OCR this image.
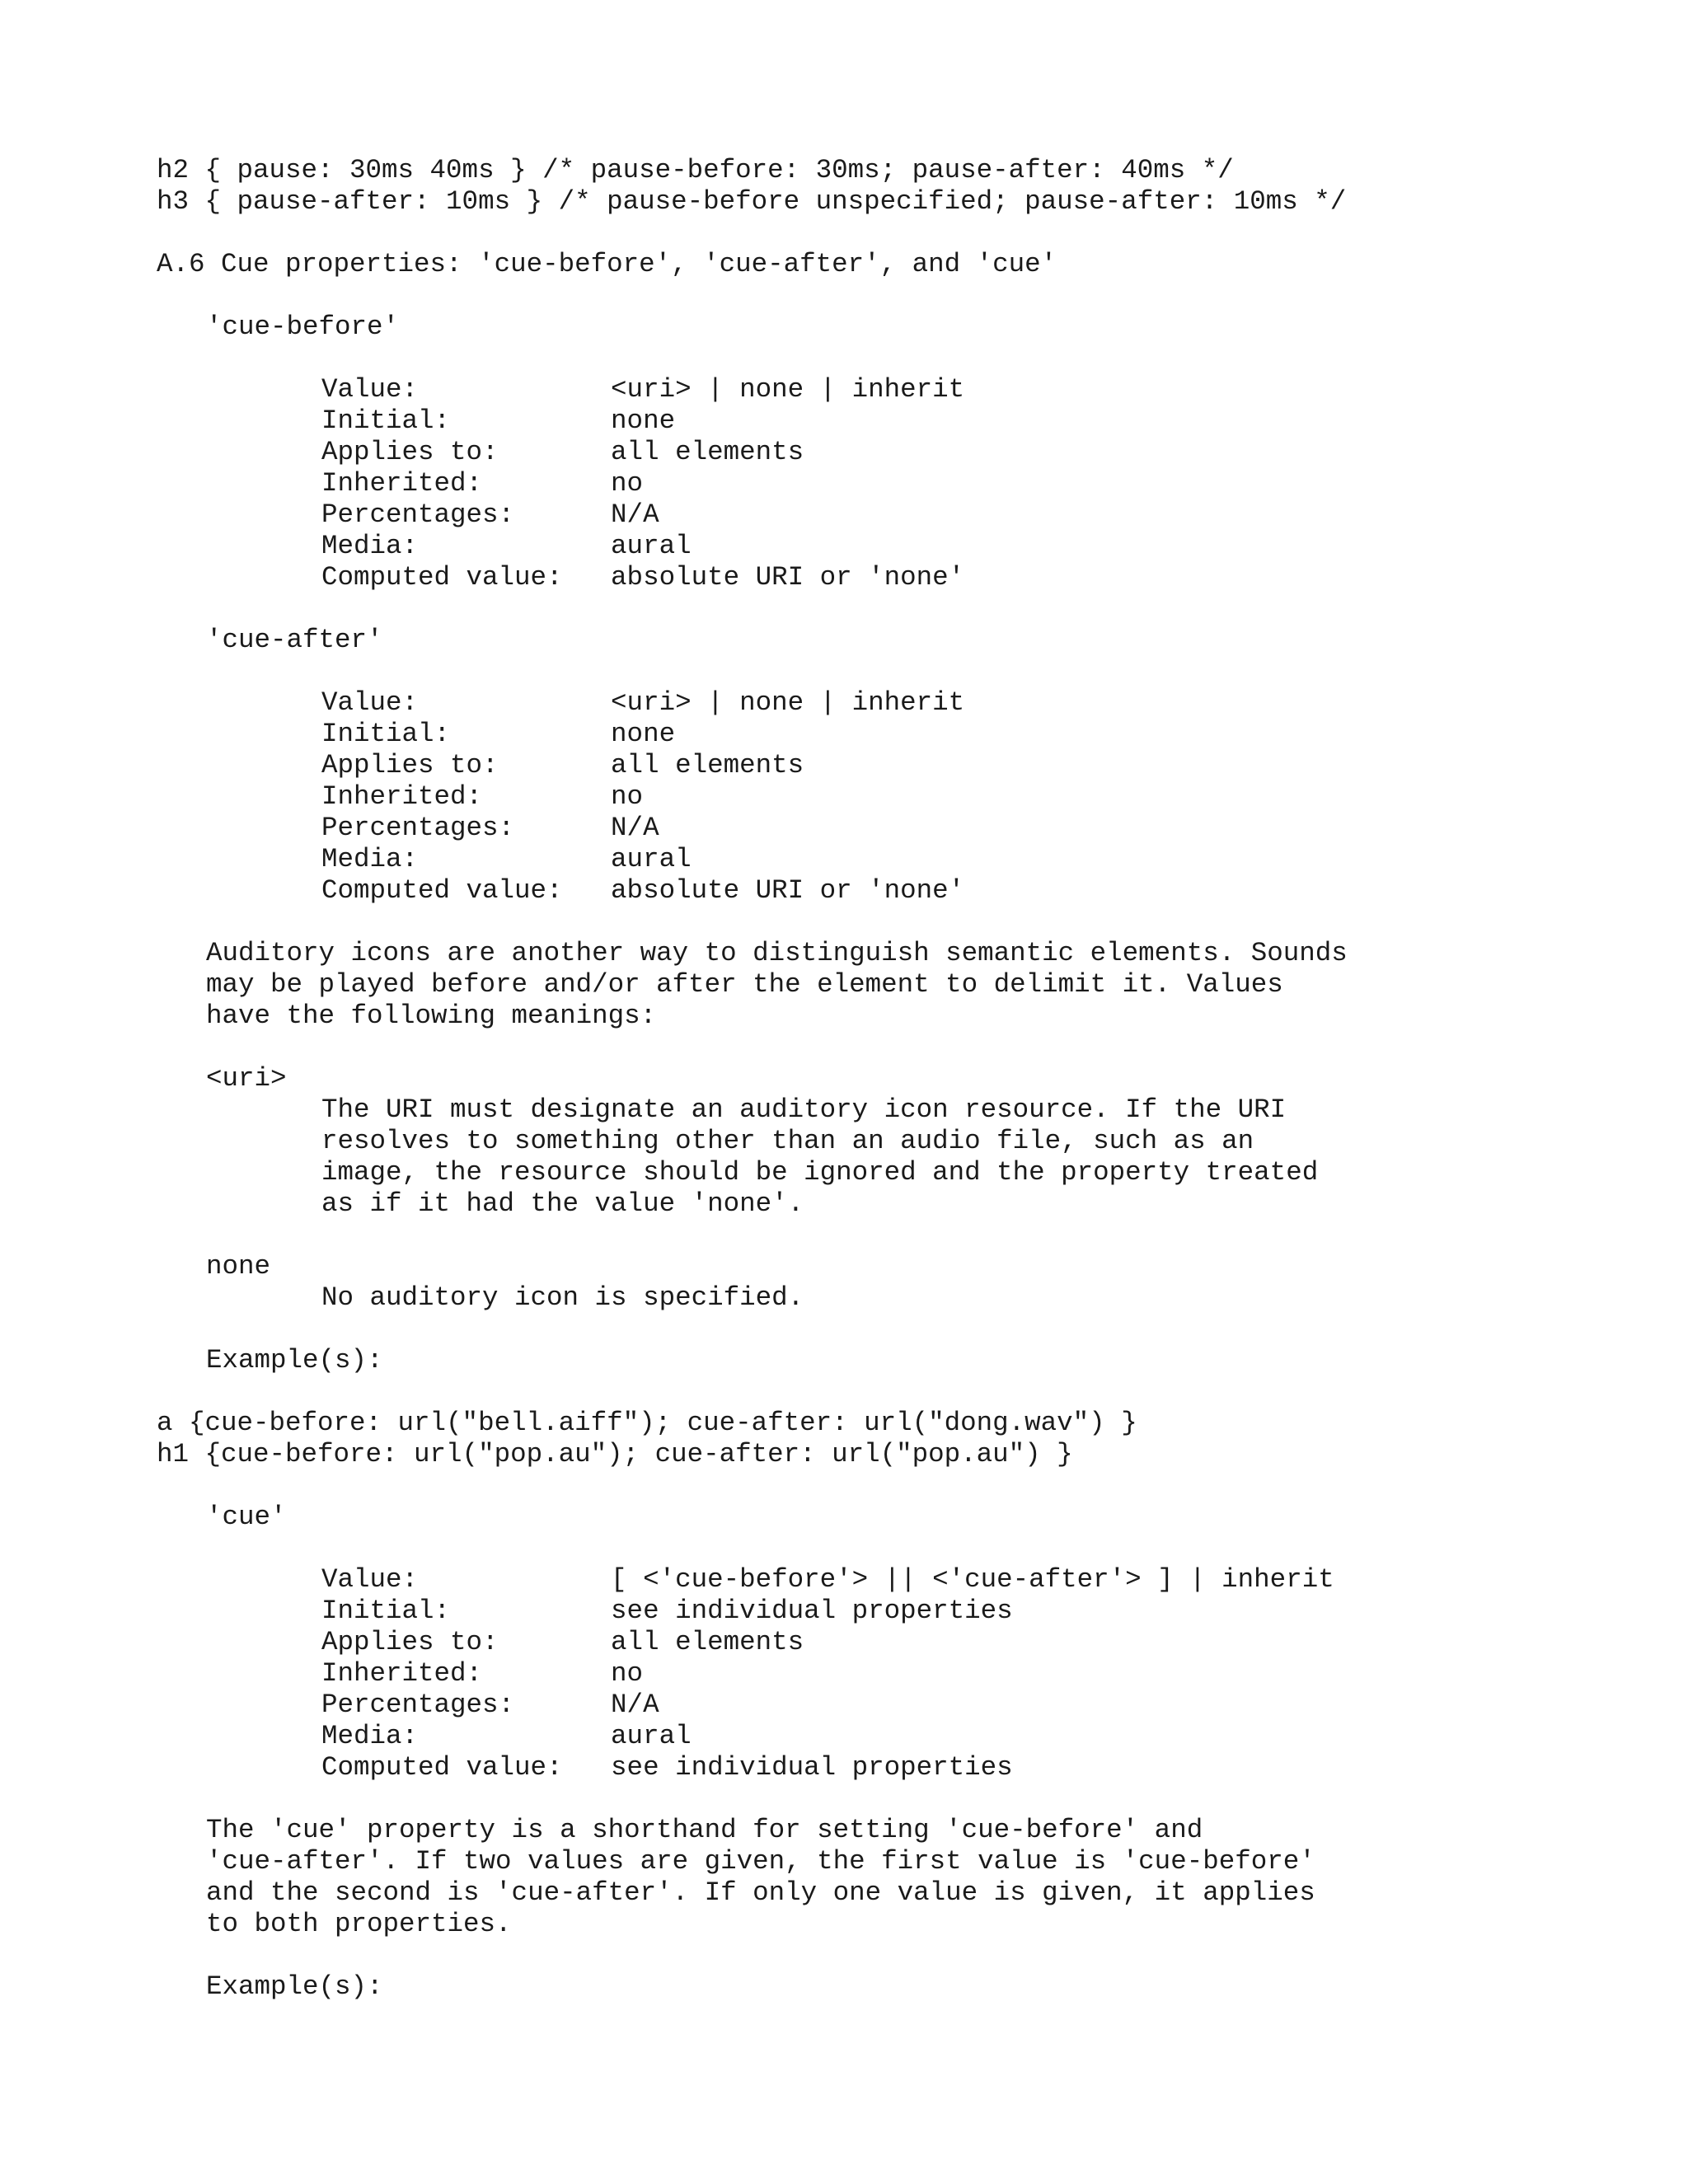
h2 { pause: 30ms 40ms } /* pause-before: 30ms; pause-after: 40ms */
h3 { pause-after: 10ms } /* pause-before unspecified; pause-after: 10ms */
A.6 Cue properties: 'cue-before', 'cue-after', and 'cue'
'cue-before'
Value:            <uri> | none | inherit
Initial:          none
Applies to:       all elements
Inherited:        no
Percentages:      N/A
Media:            aural
Computed value:   absolute URI or 'none'
'cue-after'
Value:            <uri> | none | inherit
Initial:          none
Applies to:       all elements
Inherited:        no
Percentages:      N/A
Media:            aural
Computed value:   absolute URI or 'none'
Auditory icons are another way to distinguish semantic elements. Sounds
may be played before and/or after the element to delimit it. Values
have the following meanings:
<uri>
The URI must designate an auditory icon resource. If the URI
resolves to something other than an audio file, such as an
image, the resource should be ignored and the property treated
as if it had the value 'none'.
none
No auditory icon is specified.
Example(s):
a {cue-before: url("bell.aiff"); cue-after: url("dong.wav") }
h1 {cue-before: url("pop.au"); cue-after: url("pop.au") }
'cue'
Value:            [ <'cue-before'> || <'cue-after'> ] | inherit
Initial:          see individual properties
Applies to:       all elements
Inherited:        no
Percentages:      N/A
Media:            aural
Computed value:   see individual properties
The 'cue' property is a shorthand for setting 'cue-before' and
'cue-after'. If two values are given, the first value is 'cue-before'
and the second is 'cue-after'. If only one value is given, it applies
to both properties.
Example(s):
